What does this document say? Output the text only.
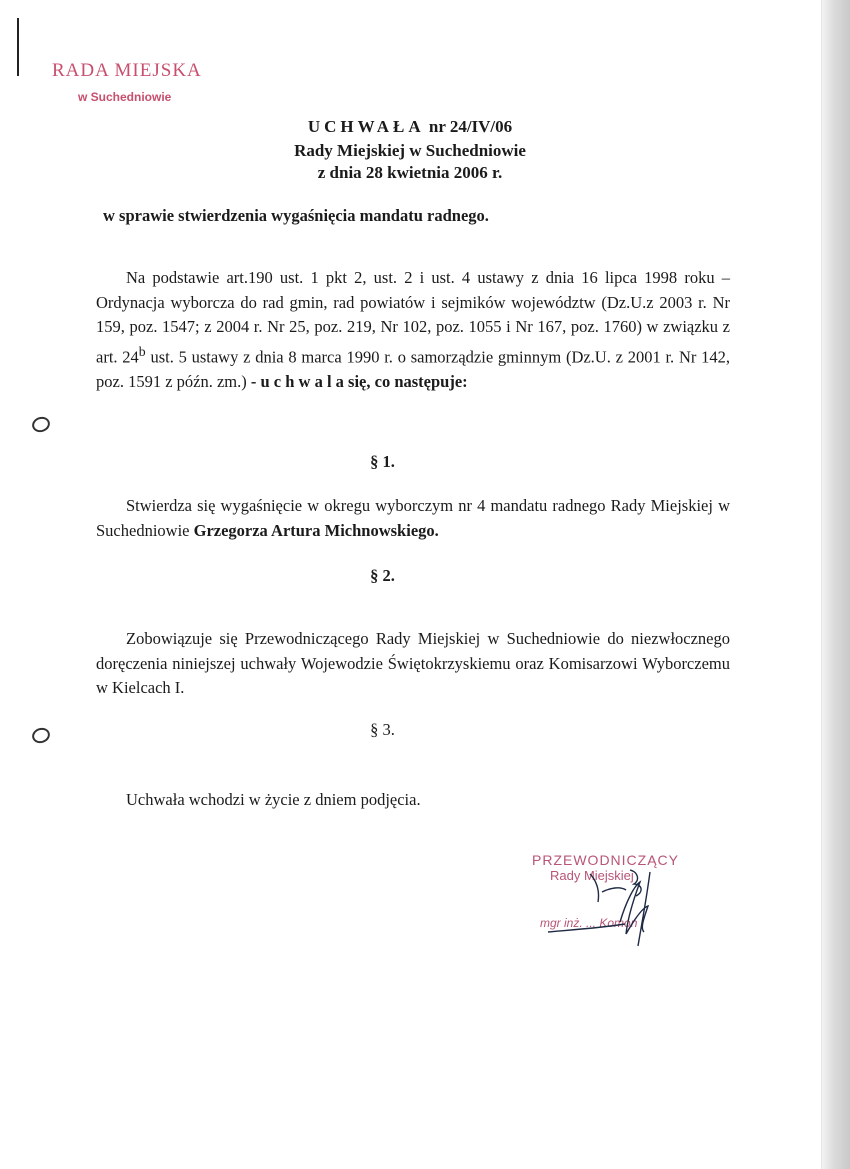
RADA MIEJSKA
w Suchedniowie
UCHWAŁA nr 24/IV/06
Rady Miejskiej w Suchedniowie
z dnia 28 kwietnia 2006 r.
w sprawie stwierdzenia wygaśnięcia mandatu radnego.

Na podstawie art.190 ust. 1 pkt 2, ust. 2 i ust. 4 ustawy z dnia 16 lipca 1998 roku – Ordynacja wyborcza do rad gmin, rad powiatów i sejmików województw (Dz.U.z 2003 r. Nr 159, poz. 1547; z 2004 r. Nr 25, poz. 219, Nr 102, poz. 1055 i Nr 167, poz. 1760) w związku z art. 24$^b$ ust. 5 ustawy z dnia 8 marca 1990 r. o samorządzie gminnym (Dz.U. z 2001 r. Nr 142, poz. 1591 z późn. zm.) - u c h w a l a się, co następuje:

§ 1.

Stwierdza się wygaśnięcie w okregu wyborczym nr 4 mandatu radnego Rady Miejskiej w Suchedniowie Grzegorza Artura Michnowskiego.

§ 2.

Zobowiązuje się Przewodniczącego Rady Miejskiej w Suchedniowie do niezwłocznego doręczenia niniejszej uchwały Wojewodzie Świętokrzyskiemu oraz Komisarzowi Wyborczemu w Kielcach I.

§ 3.

Uchwała wchodzi w życie z dniem podjęcia.

PRZEWODNICZĄCY
Rady Miejskiej
mgr inż. ... Komoń
